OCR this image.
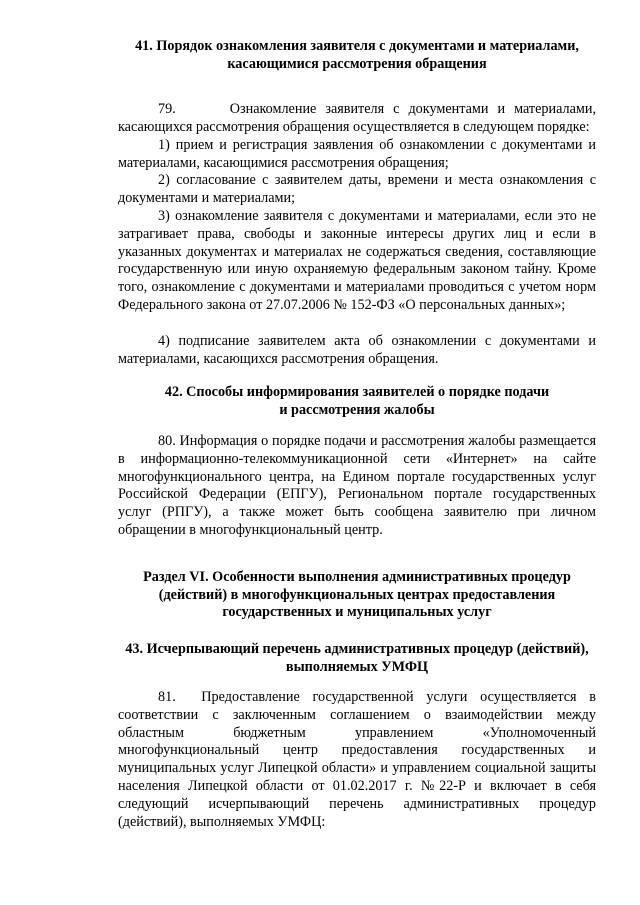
41. Порядок ознакомления заявителя с документами и материалами,
касающимися рассмотрения обращения
79.      Ознакомление заявителя с документами и материалами, касающихся рассмотрения обращения осуществляется в следующем порядке:
1) прием и регистрация заявления об ознакомлении с документами и материалами, касающимися рассмотрения обращения;
2) согласование с заявителем даты, времени и места ознакомления с документами и материалами;
3) ознакомление заявителя с документами и материалами, если это не затрагивает права, свободы и законные интересы других лиц и если в указанных документах и материалах не содержаться сведения, составляющие государственную или иную охраняемую федеральным законом тайну. Кроме того, ознакомление с документами и материалами проводиться с учетом норм Федерального закона от 27.07.2006 № 152-ФЗ «О персональных данных»;
4) подписание заявителем акта об ознакомлении с документами и материалами, касающихся рассмотрения обращения.
42. Способы информирования заявителей о порядке подачи
и рассмотрения жалобы
80. Информация о порядке подачи и рассмотрения жалобы размещается в информационно-телекоммуникационной сети «Интернет» на сайте многофункционального центра, на Едином портале государственных услуг Российской Федерации (ЕПГУ), Региональном портале государственных услуг (РПГУ), а также может быть сообщена заявителю при личном обращении в многофункциональный центр.
Раздел VI. Особенности выполнения административных процедур
(действий) в многофункциональных центрах предоставления
государственных и муниципальных услуг
43. Исчерпывающий перечень административных процедур (действий),
выполняемых УМФЦ
81.  Предоставление государственной услуги осуществляется в соответствии с заключенным соглашением о взаимодействии между областным бюджетным управлением «Уполномоченный многофункциональный центр предоставления государственных и муниципальных услуг Липецкой области» и управлением социальной защиты населения Липецкой области от 01.02.2017 г. №22-Р и включает в себя следующий исчерпывающий перечень административных процедур (действий), выполняемых УМФЦ:
